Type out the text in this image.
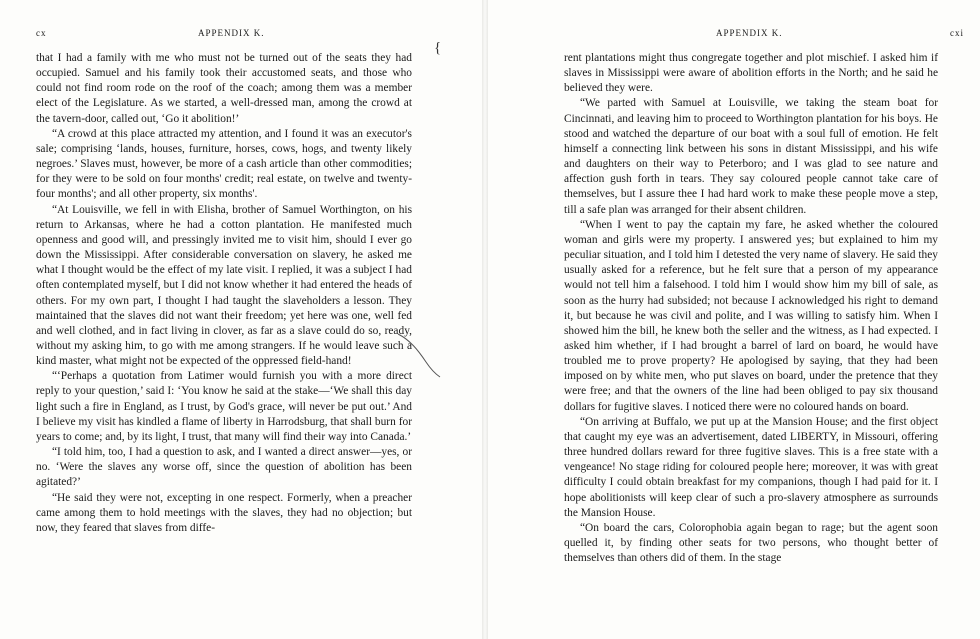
cx	APPENDIX K.

that I had a family with me who must not be turned out of the seats they had occupied. Samuel and his family took their accustomed seats, and those who could not find room rode on the roof of the coach; among them was a member elect of the Legislature. As we started, a well-dressed man, among the crowd at the tavern-door, called out, ‘Go it abolition!’

“A crowd at this place attracted my attention, and I found it was an executor's sale; comprising ‘lands, houses, furniture, horses, cows, hogs, and twenty likely negroes.’ Slaves must, however, be more of a cash article than other commodities; for they were to be sold on four months' credit; real estate, on twelve and twenty-four months'; and all other property, six months'.

“At Louisville, we fell in with Elisha, brother of Samuel Worthington, on his return to Arkansas, where he had a cotton plantation. He manifested much openness and good will, and pressingly invited me to visit him, should I ever go down the Mississippi. After considerable conversation on slavery, he asked me what I thought would be the effect of my late visit. I replied, it was a subject I had often contemplated myself, but I did not know whether it had entered the heads of others. For my own part, I thought I had taught the slaveholders a lesson. They maintained that the slaves did not want their freedom; yet here was one, well fed and well clothed, and in fact living in clover, as far as a slave could do so, ready, without my asking him, to go with me among strangers. If he would leave such a kind master, what might not be expected of the oppressed field-hand!

“‘Perhaps a quotation from Latimer would furnish you with a more direct reply to your question,’ said I: ‘You know he said at the stake—‘We shall this day light such a fire in England, as I trust, by God's grace, will never be put out.’ And I believe my visit has kindled a flame of liberty in Harrodsburg, that shall burn for years to come; and, by its light, I trust, that many will find their way into Canada.’

“I told him, too, I had a question to ask, and I wanted a direct answer—yes, or no. ‘Were the slaves any worse off, since the question of abolition has been agitated?’

“He said they were not, excepting in one respect. Formerly, when a preacher came among them to hold meetings with the slaves, they had no objection; but now, they feared that slaves from diffe-

{
APPENDIX K.	cxi

rent plantations might thus congregate together and plot mischief. I asked him if slaves in Mississippi were aware of abolition efforts in the North; and he said he believed they were.

“We parted with Samuel at Louisville, we taking the steam boat for Cincinnati, and leaving him to proceed to Worthington plantation for his boys. He stood and watched the departure of our boat with a soul full of emotion. He felt himself a connecting link between his sons in distant Mississippi, and his wife and daughters on their way to Peterboro; and I was glad to see nature and affection gush forth in tears. They say coloured people cannot take care of themselves, but I assure thee I had hard work to make these people move a step, till a safe plan was arranged for their absent children.

“When I went to pay the captain my fare, he asked whether the coloured woman and girls were my property. I answered yes; but explained to him my peculiar situation, and I told him I detested the very name of slavery. He said they usually asked for a reference, but he felt sure that a person of my appearance would not tell him a falsehood. I told him I would show him my bill of sale, as soon as the hurry had subsided; not because I acknowledged his right to demand it, but because he was civil and polite, and I was willing to satisfy him. When I showed him the bill, he knew both the seller and the witness, as I had expected. I asked him whether, if I had brought a barrel of lard on board, he would have troubled me to prove property? He apologised by saying, that they had been imposed on by white men, who put slaves on board, under the pretence that they were free; and that the owners of the line had been obliged to pay six thousand dollars for fugitive slaves. I noticed there were no coloured hands on board.

“On arriving at Buffalo, we put up at the Mansion House; and the first object that caught my eye was an advertisement, dated LIBERTY, in Missouri, offering three hundred dollars reward for three fugitive slaves. This is a free state with a vengeance! No stage riding for coloured people here; moreover, it was with great difficulty I could obtain breakfast for my companions, though I had paid for it. I hope abolitionists will keep clear of such a pro-slavery atmosphere as surrounds the Mansion House.

“On board the cars, Colorophobia again began to rage; but the agent soon quelled it, by finding other seats for two persons, who thought better of themselves than others did of them. In the stage
